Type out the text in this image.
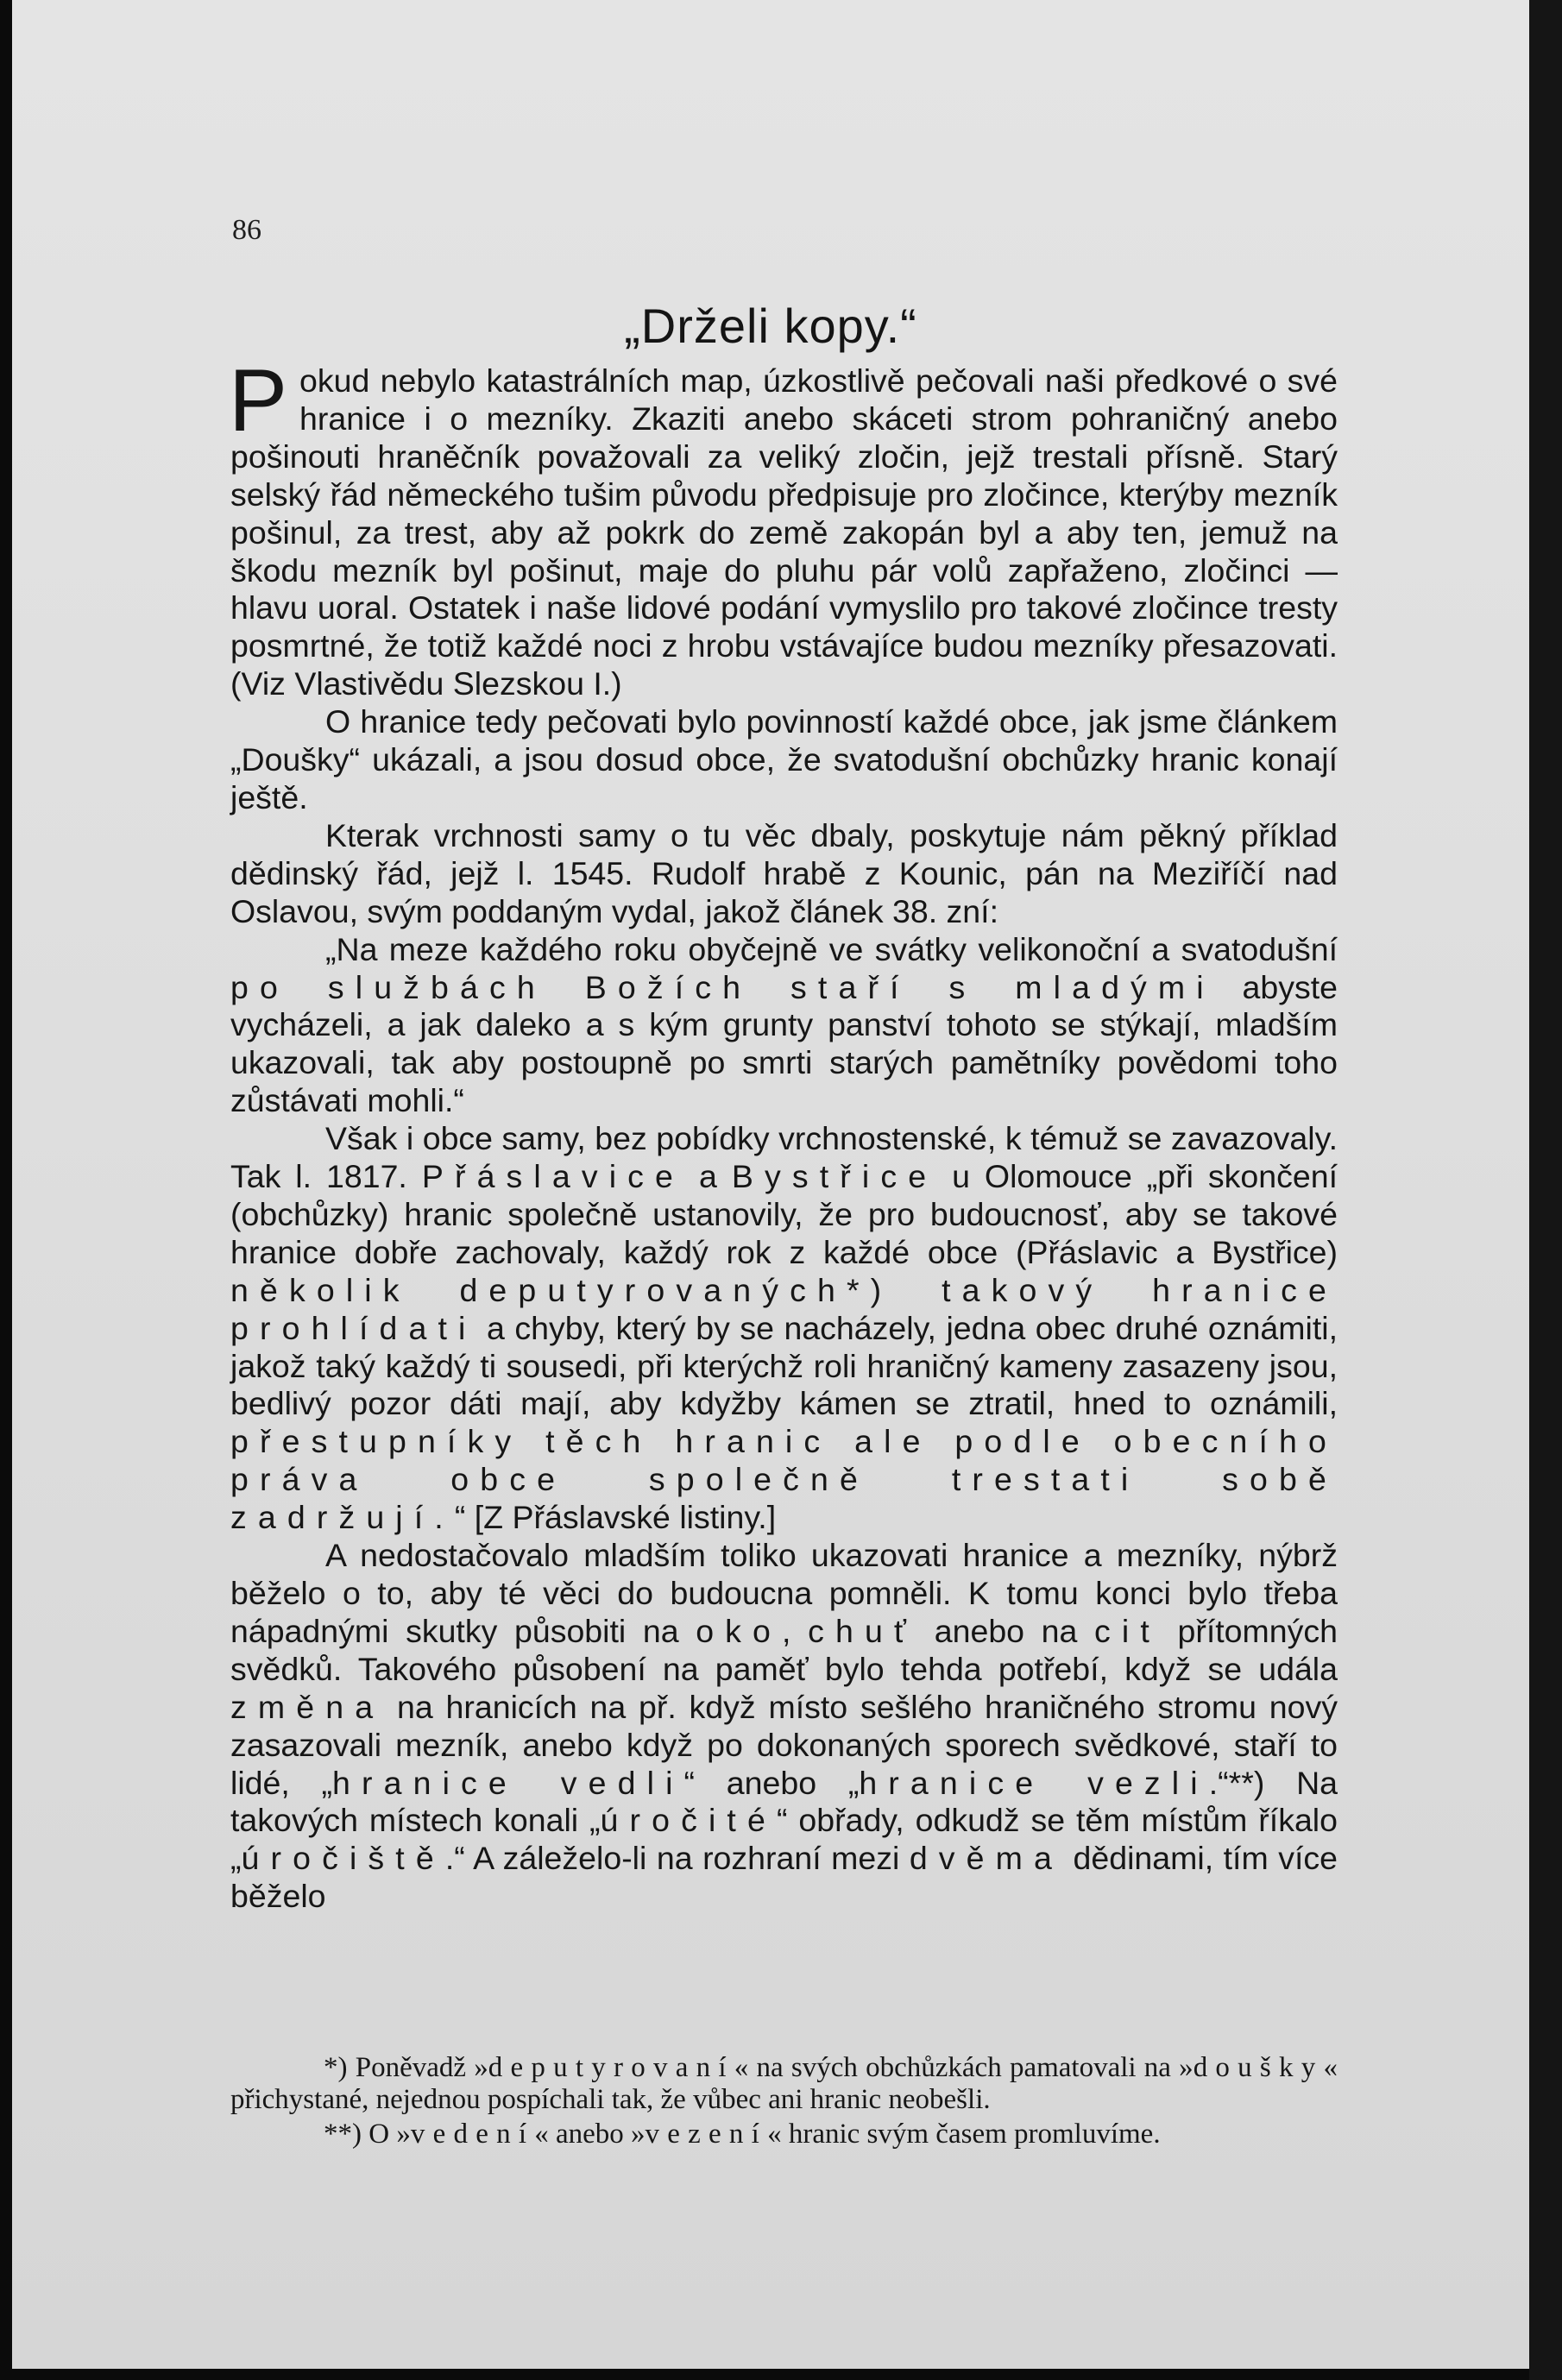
86
„Drželi kopy.“

Pokud nebylo katastrálních map, úzkostlivě pečovali naši předkové o své hranice i o mezníky. Zkaziti anebo skáceti strom pohraničný anebo pošinouti hraněčník považovali za veliký zločin, jejž trestali přísně. Starý selský řád německého tušim původu předpisuje pro zločince, kterýby mezník pošinul, za trest, aby až pokrk do země zakopán byl a aby ten, jemuž na škodu mezník byl pošinut, maje do pluhu pár volů zapřaženo, zločinci — hlavu uoral. Ostatek i naše lidové podání vymyslilo pro takové zločince tresty posmrtné, že totiž každé noci z hrobu vstávajíce budou mezníky přesazovati. (Viz Vlastivědu Slezskou I.)

O hranice tedy pečovati bylo povinností každé obce, jak jsme článkem „Doušky“ ukázali, a jsou dosud obce, že svatodušní obchůzky hranic konají ještě.

Kterak vrchnosti samy o tu věc dbaly, poskytuje nám pěkný příklad dědinský řád, jejž l. 1545. Rudolf hrabě z Kounic, pán na Meziříčí nad Oslavou, svým poddaným vydal, jakož článek 38. zní:

„Na meze každého roku obyčejně ve svátky velikonoční a svatodušní po službách Božích staří s mladými abyste vycházeli, a jak daleko a s kým grunty panství tohoto se stýkají, mladším ukazovali, tak aby postoupně po smrti starých pamětníky povědomi toho zůstávati mohli.“

Však i obce samy, bez pobídky vrchnostenské, k témuž se zavazovaly. Tak l. 1817. Přáslavice a Bystřice u Olomouce „při skončení (obchůzky) hranic společně ustanovily, že pro budoucnosť, aby se takové hranice dobře zachovaly, každý rok z každé obce (Přáslavic a Bystřice) několik deputyrovaných*) takový hranice prohlídati a chyby, který by se nacházely, jedna obec druhé oznámiti, jakož taký každý ti sousedi, při kterýchž roli hraničný kameny zasazeny jsou, bedlivý pozor dáti mají, aby kdyžby kámen se ztratil, hned to oznámili, přestupníky těch hranic ale podle obecního práva obce společně trestati sobě zadržují.“ [Z Přáslavské listiny.]

A nedostačovalo mladším toliko ukazovati hranice a mezníky, nýbrž běželo o to, aby té věci do budoucna pomněli. K tomu konci bylo třeba nápadnými skutky působiti na oko, chuť anebo na cit přítomných svědků. Takového působení na paměť bylo tehda potřebí, když se udála změna na hranicích na př. když místo sešlého hraničného stromu nový zasazovali mezník, anebo když po dokonaných sporech svědkové, staří to lidé, „hranice vedli“ anebo „hranice vezli.“**) Na takových místech konali „úročité“ obřady, odkudž se těm místům říkalo „úročiště.“ A záleželo-li na rozhraní mezi dvěma dědinami, tím více běželo

*) Poněvadž »deputyrovaní« na svých obchůzkách pamatovali na »doušky« přichystané, nejednou pospíchali tak, že vůbec ani hranic neobešli.

**) O »vedení« anebo »vezení« hranic svým časem promluvíme.
